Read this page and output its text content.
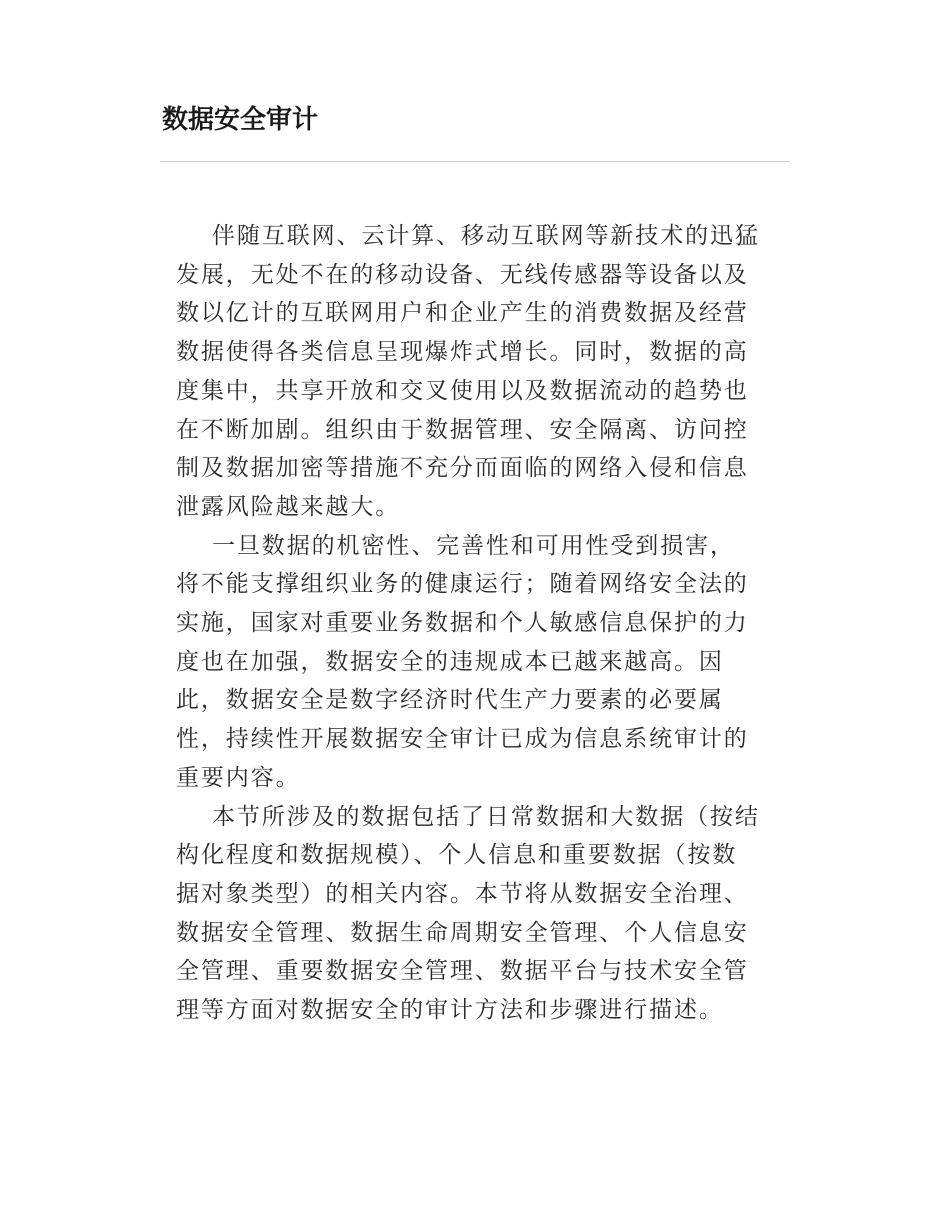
数据安全审计

伴随互联网、云计算、移动互联网等新技术的迅猛
发展，无处不在的移动设备、无线传感器等设备以及
数以亿计的互联网用户和企业产生的消费数据及经营
数据使得各类信息呈现爆炸式增长。同时，数据的高
度集中，共享开放和交叉使用以及数据流动的趋势也
在不断加剧。组织由于数据管理、安全隔离、访问控
制及数据加密等措施不充分而面临的网络入侵和信息
泄露风险越来越大。

一旦数据的机密性、完善性和可用性受到损害，
将不能支撑组织业务的健康运行；随着网络安全法的
实施，国家对重要业务数据和个人敏感信息保护的力
度也在加强，数据安全的违规成本已越来越高。因
此，数据安全是数字经济时代生产力要素的必要属
性，持续性开展数据安全审计已成为信息系统审计的
重要内容。

本节所涉及的数据包括了日常数据和大数据（按结
构化程度和数据规模）、个人信息和重要数据（按数
据对象类型）的相关内容。本节将从数据安全治理、
数据安全管理、数据生命周期安全管理、个人信息安
全管理、重要数据安全管理、数据平台与技术安全管
理等方面对数据安全的审计方法和步骤进行描述。
